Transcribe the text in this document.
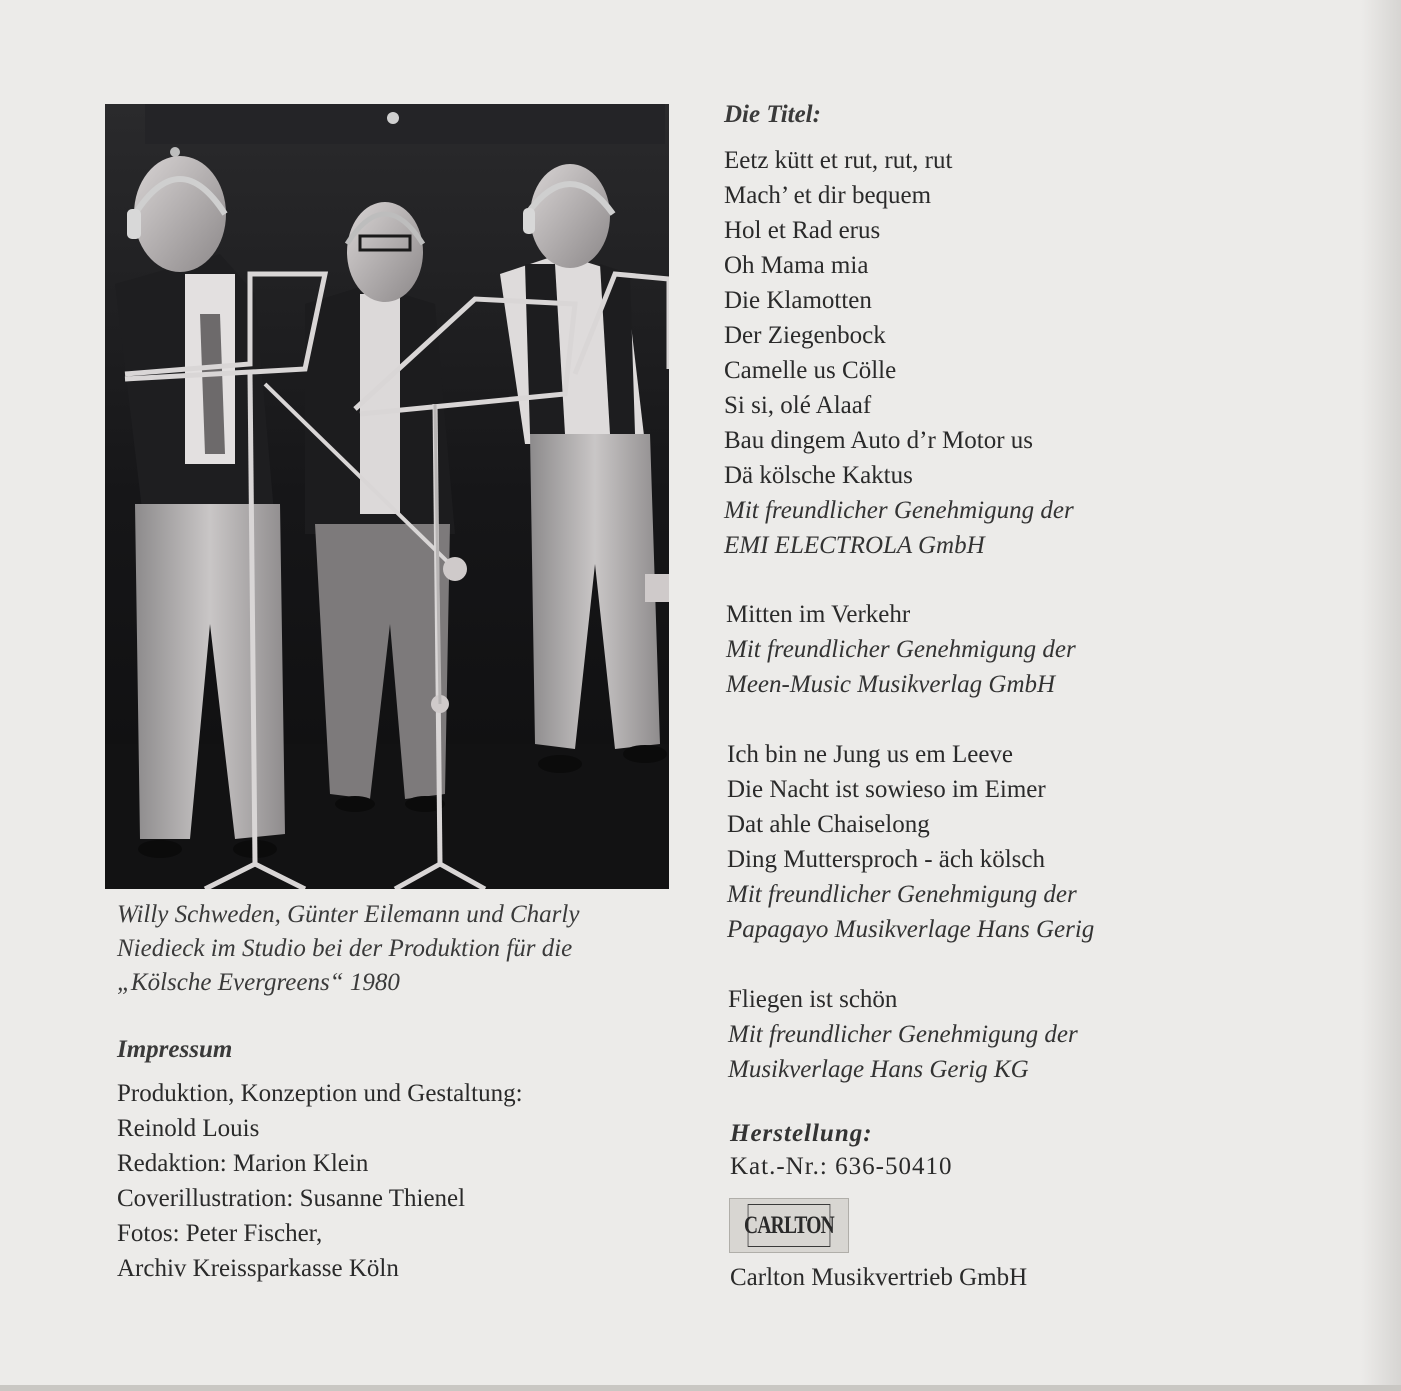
Willy Schweden, Günter Eilemann und Charly
Niedieck im Studio bei der Produktion für die
„Kölsche Evergreens“ 1980

Impressum
Produktion, Konzeption und Gestaltung:
Reinold Louis
Redaktion: Marion Klein
Coverillustration: Susanne Thienel
Fotos: Peter Fischer,
Archiv Kreissparkasse Köln
Die Titel:
Eetz kütt et rut, rut, rut
Mach’ et dir bequem
Hol et Rad erus
Oh Mama mia
Die Klamotten
Der Ziegenbock
Camelle us Cölle
Si si, olé Alaaf
Bau dingem Auto d’r Motor us
Dä kölsche Kaktus
Mit freundlicher Genehmigung der
EMI ELECTROLA GmbH
Mitten im Verkehr
Mit freundlicher Genehmigung der
Meen-Music Musikverlag GmbH
Ich bin ne Jung us em Leeve
Die Nacht ist sowieso im Eimer
Dat ahle Chaiselong
Ding Muttersproch - äch kölsch
Mit freundlicher Genehmigung der
Papagayo Musikverlage Hans Gerig
Fliegen ist schön
Mit freundlicher Genehmigung der
Musikverlage Hans Gerig KG
Herstellung:

Kat.-Nr.: 636-50410

CARLTON

Carlton Musikvertrieb GmbH
